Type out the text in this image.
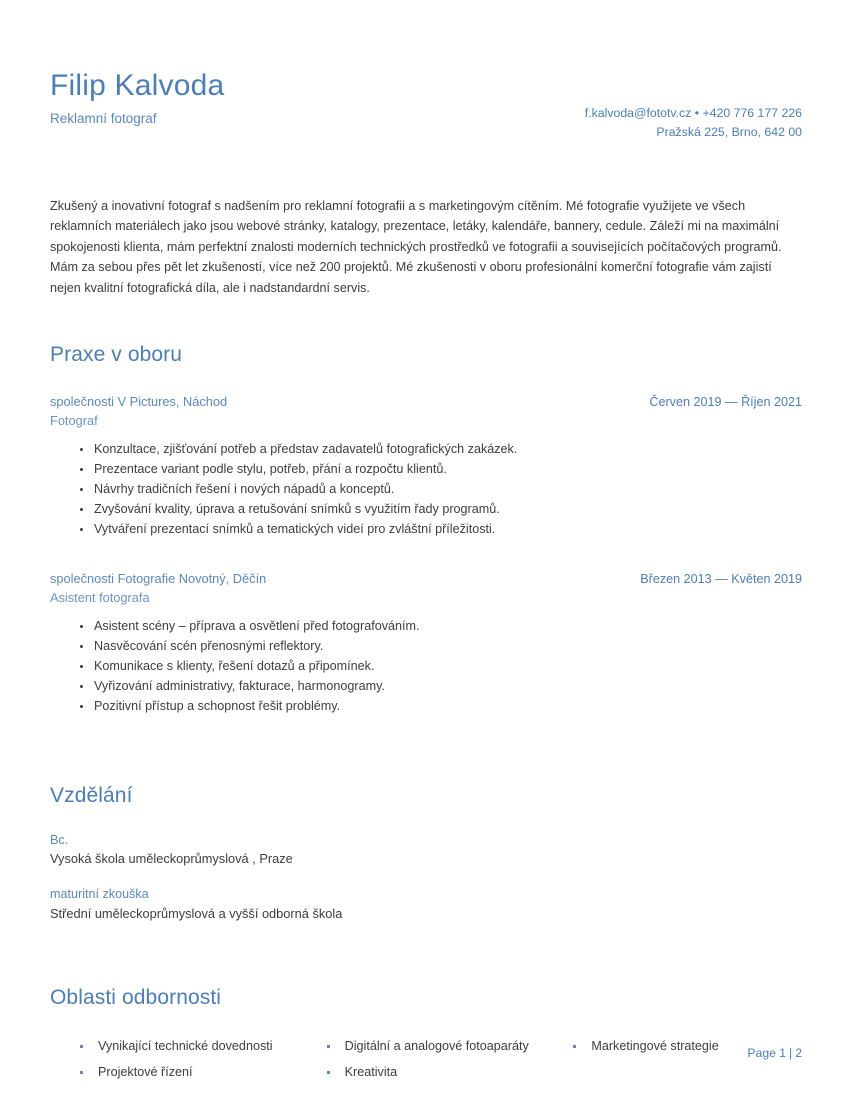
Filip Kalvoda
Reklamní fotograf	f.kalvoda@fototv.cz • +420 776 177 226
Pražská 225, Brno, 642 00
Zkušený a inovativní fotograf s nadšením pro reklamní fotografii a s marketingovým cítěním. Mé fotografie využijete ve všech reklamních materiálech jako jsou webové stránky, katalogy, prezentace, letáky, kalendáře, bannery, cedule. Záleží mi na maximální spokojenosti klienta, mám perfektní znalosti moderních technických prostředků ve fotografii a souvisejících počítačových programů. Mám za sebou přes pět let zkušeností, více než 200 projektů. Mé zkušenosti v oboru profesionální komerční fotografie vám zajistí nejen kvalitní fotografická díla, ale i nadstandardní servis.
Praxe v oboru
společnosti V Pictures, Náchod	Červen 2019 — Říjen 2021
Fotograf
Konzultace, zjišťování potřeb a představ zadavatelů fotografických zakázek.
Prezentace variant podle stylu, potřeb, přání a rozpočtu klientů.
Návrhy tradičních řešení i nových nápadů a konceptů.
Zvyšování kvality, úprava a retušování snímků s využitím řady programů.
Vytváření prezentací snímků a tematických videí pro zvláštní příležitosti.
společnosti Fotografie Novotný, Děčín	Březen 2013 — Květen 2019
Asistent fotografa
Asistent scény – příprava a osvětlení před fotografováním.
Nasvěcování scén přenosnými reflektory.
Komunikace s klienty, řešení dotazů a připomínek.
Vyřizování administrativy, fakturace, harmonogramy.
Pozitivní přístup a schopnost řešit problémy.
Vzdělání
Bc.
Vysoká škola uměleckoprůmyslová , Praze
maturitní zkouška
Střední uměleckoprůmyslová a vyšší odborná škola
Oblasti odbornosti
Vynikající technické dovednosti
Projektové řízení
Digitální a analogové fotoaparáty
Kreativita
Marketingové strategie	Page 1 | 2
